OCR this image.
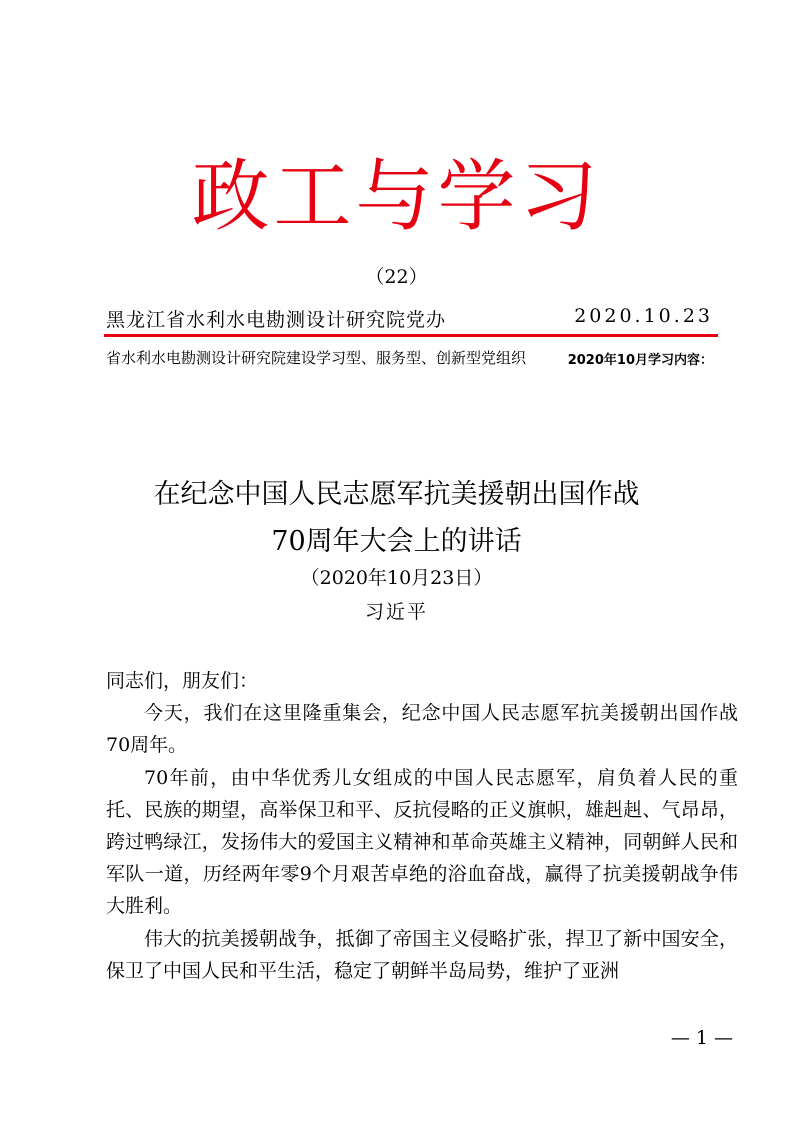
政工与学习
（22）
黑龙江省水利水电勘测设计研究院党办	2020.10.23
省水利水电勘测设计研究院建设学习型、服务型、创新型党组织	2020年10月学习内容：
在纪念中国人民志愿军抗美援朝出国作战
70周年大会上的讲话
（2020年10月23日）
习近平

同志们，朋友们：

今天，我们在这里隆重集会，纪念中国人民志愿军抗美援朝出国作战70周年。

70年前，由中华优秀儿女组成的中国人民志愿军，肩负着人民的重托、民族的期望，高举保卫和平、反抗侵略的正义旗帜，雄赳赳、气昂昂，跨过鸭绿江，发扬伟大的爱国主义精神和革命英雄主义精神，同朝鲜人民和军队一道，历经两年零9个月艰苦卓绝的浴血奋战，赢得了抗美援朝战争伟大胜利。

伟大的抗美援朝战争，抵御了帝国主义侵略扩张，捍卫了新中国安全，保卫了中国人民和平生活，稳定了朝鲜半岛局势，维护了亚洲

— 1 —
